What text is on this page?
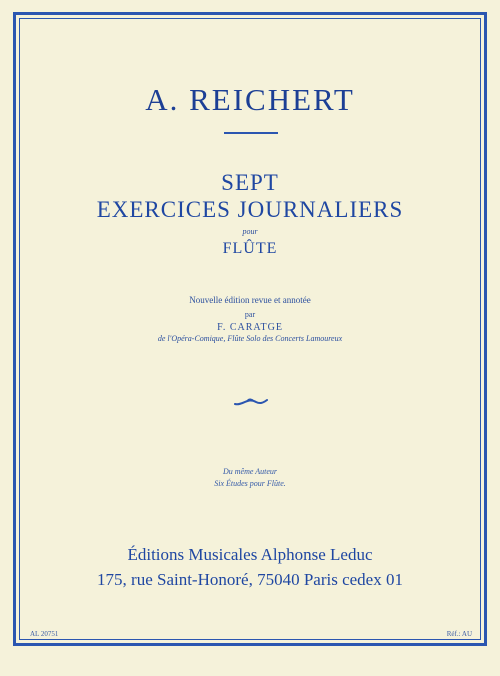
A. REICHERT
SEPT
EXERCICES JOURNALIERS
pour
FLÛTE
Nouvelle édition revue et annotée
par
F. CARATGE
de l'Opéra-Comique, Flûte Solo des Concerts Lamoureux
Du même Auteur
Six Études pour Flûte.
Éditions Musicales Alphonse Leduc
175, rue Saint-Honoré, 75040 Paris cedex 01
AL 20751	Réf.: AU
